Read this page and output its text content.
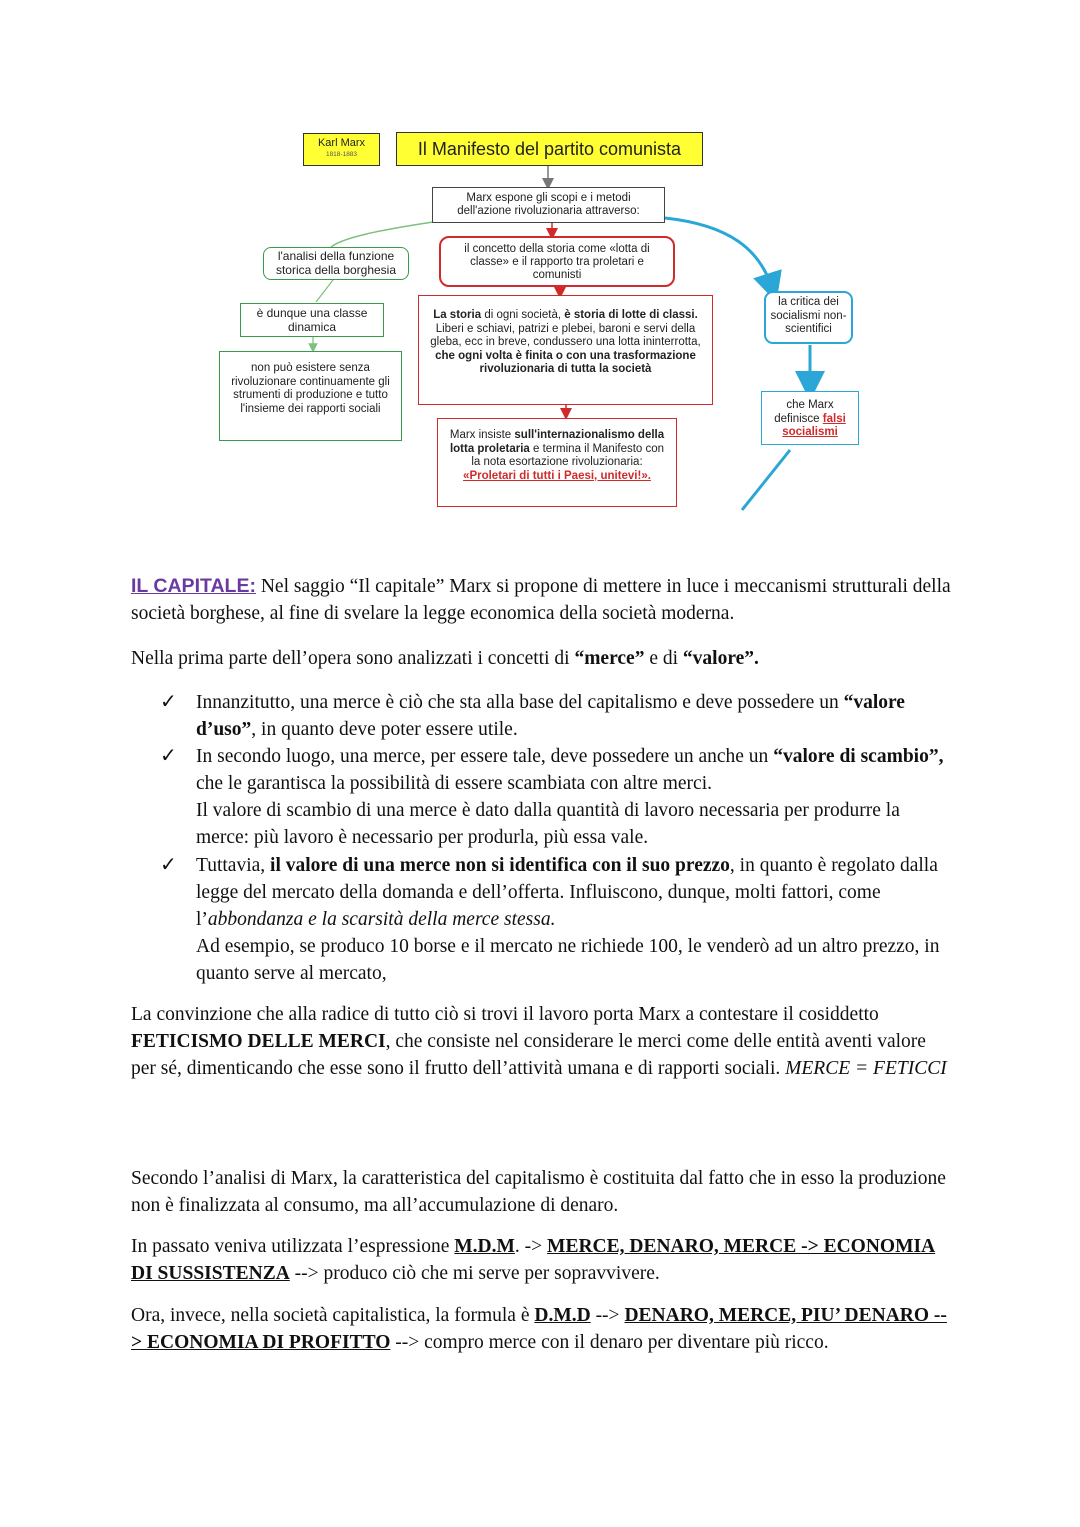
Karl Marx
1818-1883	Il Manifesto del partito comunista
Marx espone gli scopi e i metodi dell'azione rivoluzionaria attraverso:
l'analisi della funzione storica della borghesia
è dunque una classe dinamica
non può esistere senza rivoluzionare continuamente gli strumenti di produzione e tutto l'insieme dei rapporti sociali
il concetto della storia come «lotta di classe» e il rapporto tra proletari e comunisti
La storia di ogni società, è storia di lotte di classi. Liberi e schiavi, patrizi e plebei, baroni e servi della gleba, ecc in breve, condussero una lotta ininterrotta, che ogni volta è finita o con una trasformazione rivoluzionaria di tutta la società
Marx insiste sull'internazionalismo della lotta proletaria e termina il Manifesto con la nota esortazione rivoluzionaria: «Proletari di tutti i Paesi, unitevi!».
la critica dei socialismi non-scientifici
che Marx definisce falsi socialismi
IL CAPITALE: Nel saggio “Il capitale” Marx si propone di mettere in luce i meccanismi strutturali della società borghese, al fine di svelare la legge economica della società moderna.
Nella prima parte dell’opera sono analizzati i concetti di “merce” e di “valore”.
✓ Innanzitutto, una merce è ciò che sta alla base del capitalismo e deve possedere un “valore d’uso”, in quanto deve poter essere utile.
✓ In secondo luogo, una merce, per essere tale, deve possedere un anche un “valore di scambio”, che le garantisca la possibilità di essere scambiata con altre merci.
Il valore di scambio di una merce è dato dalla quantità di lavoro necessaria per produrre la merce: più lavoro è necessario per produrla, più essa vale.
✓ Tuttavia, il valore di una merce non si identifica con il suo prezzo, in quanto è regolato dalla legge del mercato della domanda e dell’offerta. Influiscono, dunque, molti fattori, come l’abbondanza e la scarsità della merce stessa.
Ad esempio, se produco 10 borse e il mercato ne richiede 100, le venderò ad un altro prezzo, in quanto serve al mercato,
La convinzione che alla radice di tutto ciò si trovi il lavoro porta Marx a contestare il cosiddetto FETICISMO DELLE MERCI, che consiste nel considerare le merci come delle entità aventi valore per sé, dimenticando che esse sono il frutto dell’attività umana e di rapporti sociali. MERCE = FETICCI
Secondo l’analisi di Marx, la caratteristica del capitalismo è costituita dal fatto che in esso la produzione non è finalizzata al consumo, ma all’accumulazione di denaro.
In passato veniva utilizzata l’espressione M.D.M. -> MERCE, DENARO, MERCE -> ECONOMIA DI SUSSISTENZA --> produco ciò che mi serve per sopravvivere.
Ora, invece, nella società capitalistica, la formula è D.M.D --> DENARO, MERCE, PIU’ DENARO --> ECONOMIA DI PROFITTO --> compro merce con il denaro per diventare più ricco.
